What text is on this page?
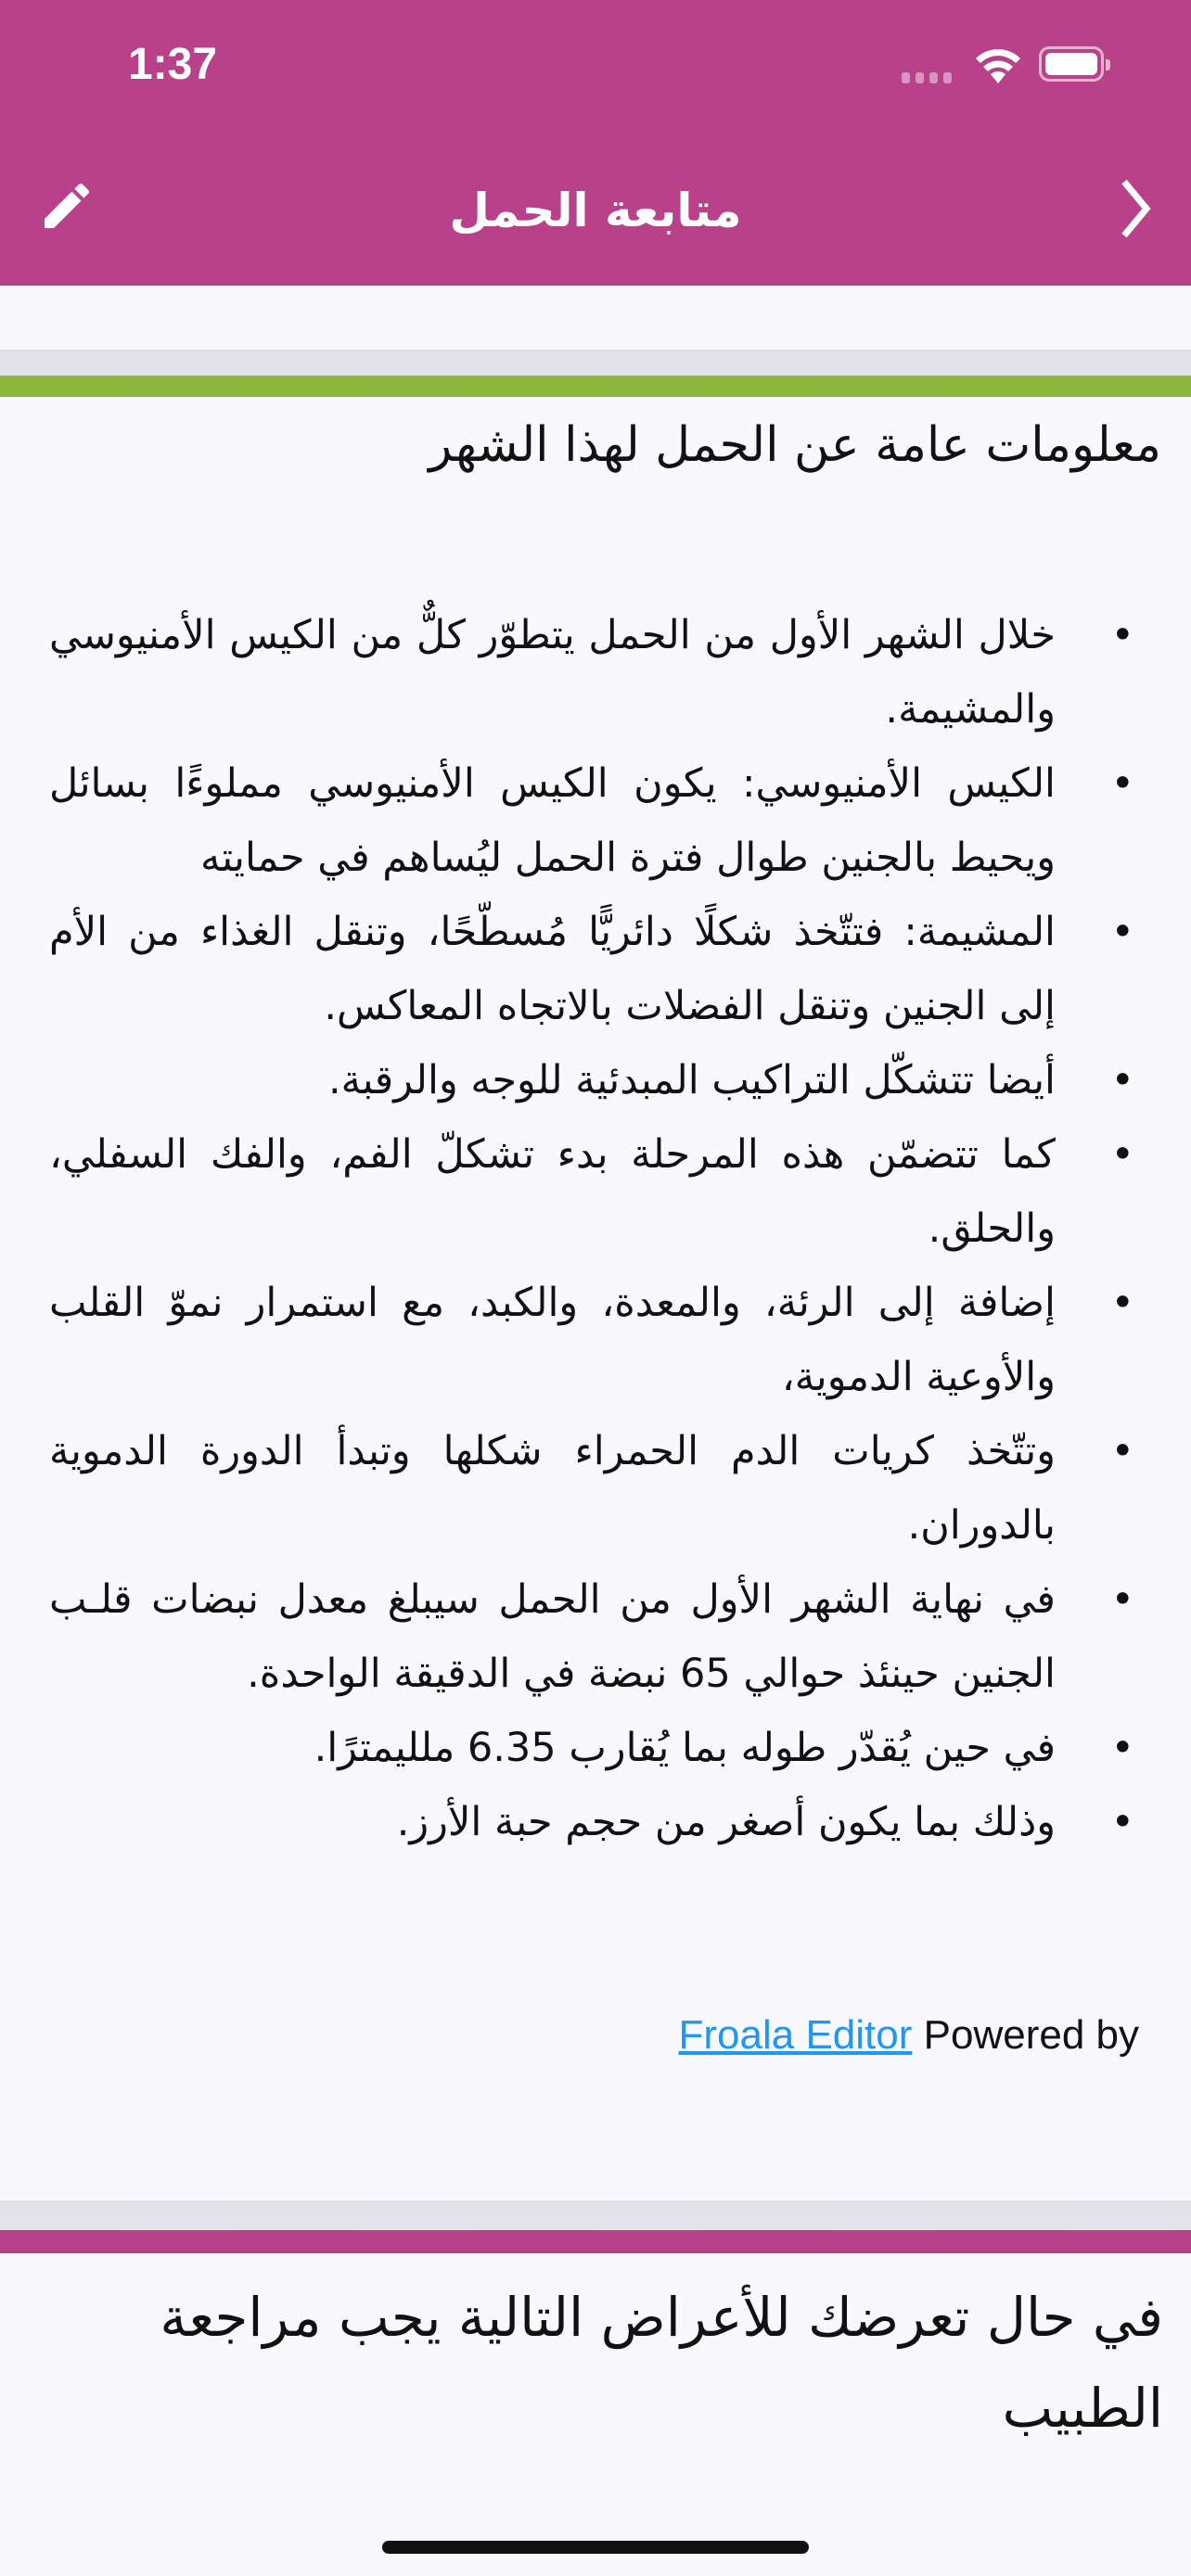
1:37
متابعة الحمل
معلومات عامة عن الحمل لهذا الشهر
• خلال الشهر الأول من الحمل يتطوّر كلٌّ من الكيس الأمنيوسي والمشيمة.
• الكيس الأمنيوسي: يكون الكيس الأمنيوسي مملوءًا بسائل ويحيط بالجنين طوال فترة الحمل ليُساهم في حمايته
• المشيمة: فتتّخذ شكلًا دائريًّا مُسطّحًا، وتنقل الغذاء من الأم إلى الجنين وتنقل الفضلات بالاتجاه المعاكس.
• أيضا تتشكّل التراكيب المبدئية للوجه والرقبة.
• كما تتضمّن هذه المرحلة بدء تشكلّ الفم، والفك السفلي، والحلق.
• إضافة إلى الرئة، والمعدة، والكبد، مع استمرار نموّ القلب والأوعية الدموية،
• وتتّخذ كريات الدم الحمراء شكلها وتبدأ الدورة الدموية بالدوران.
• في نهاية الشهر الأول من الحمل سيبلغ معدل نبضات قلـب الجنين حينئذ حوالي 65 نبضة في الدقيقة الواحدة.
• في حين يُقدّر طوله بما يُقارب 6.35 ملليمترًا.
• وذلك بما يكون أصغر من حجم حبة الأرز.
Froala Editor Powered by
في حال تعرضك للأعراض التالية يجب مراجعة الطبيب
